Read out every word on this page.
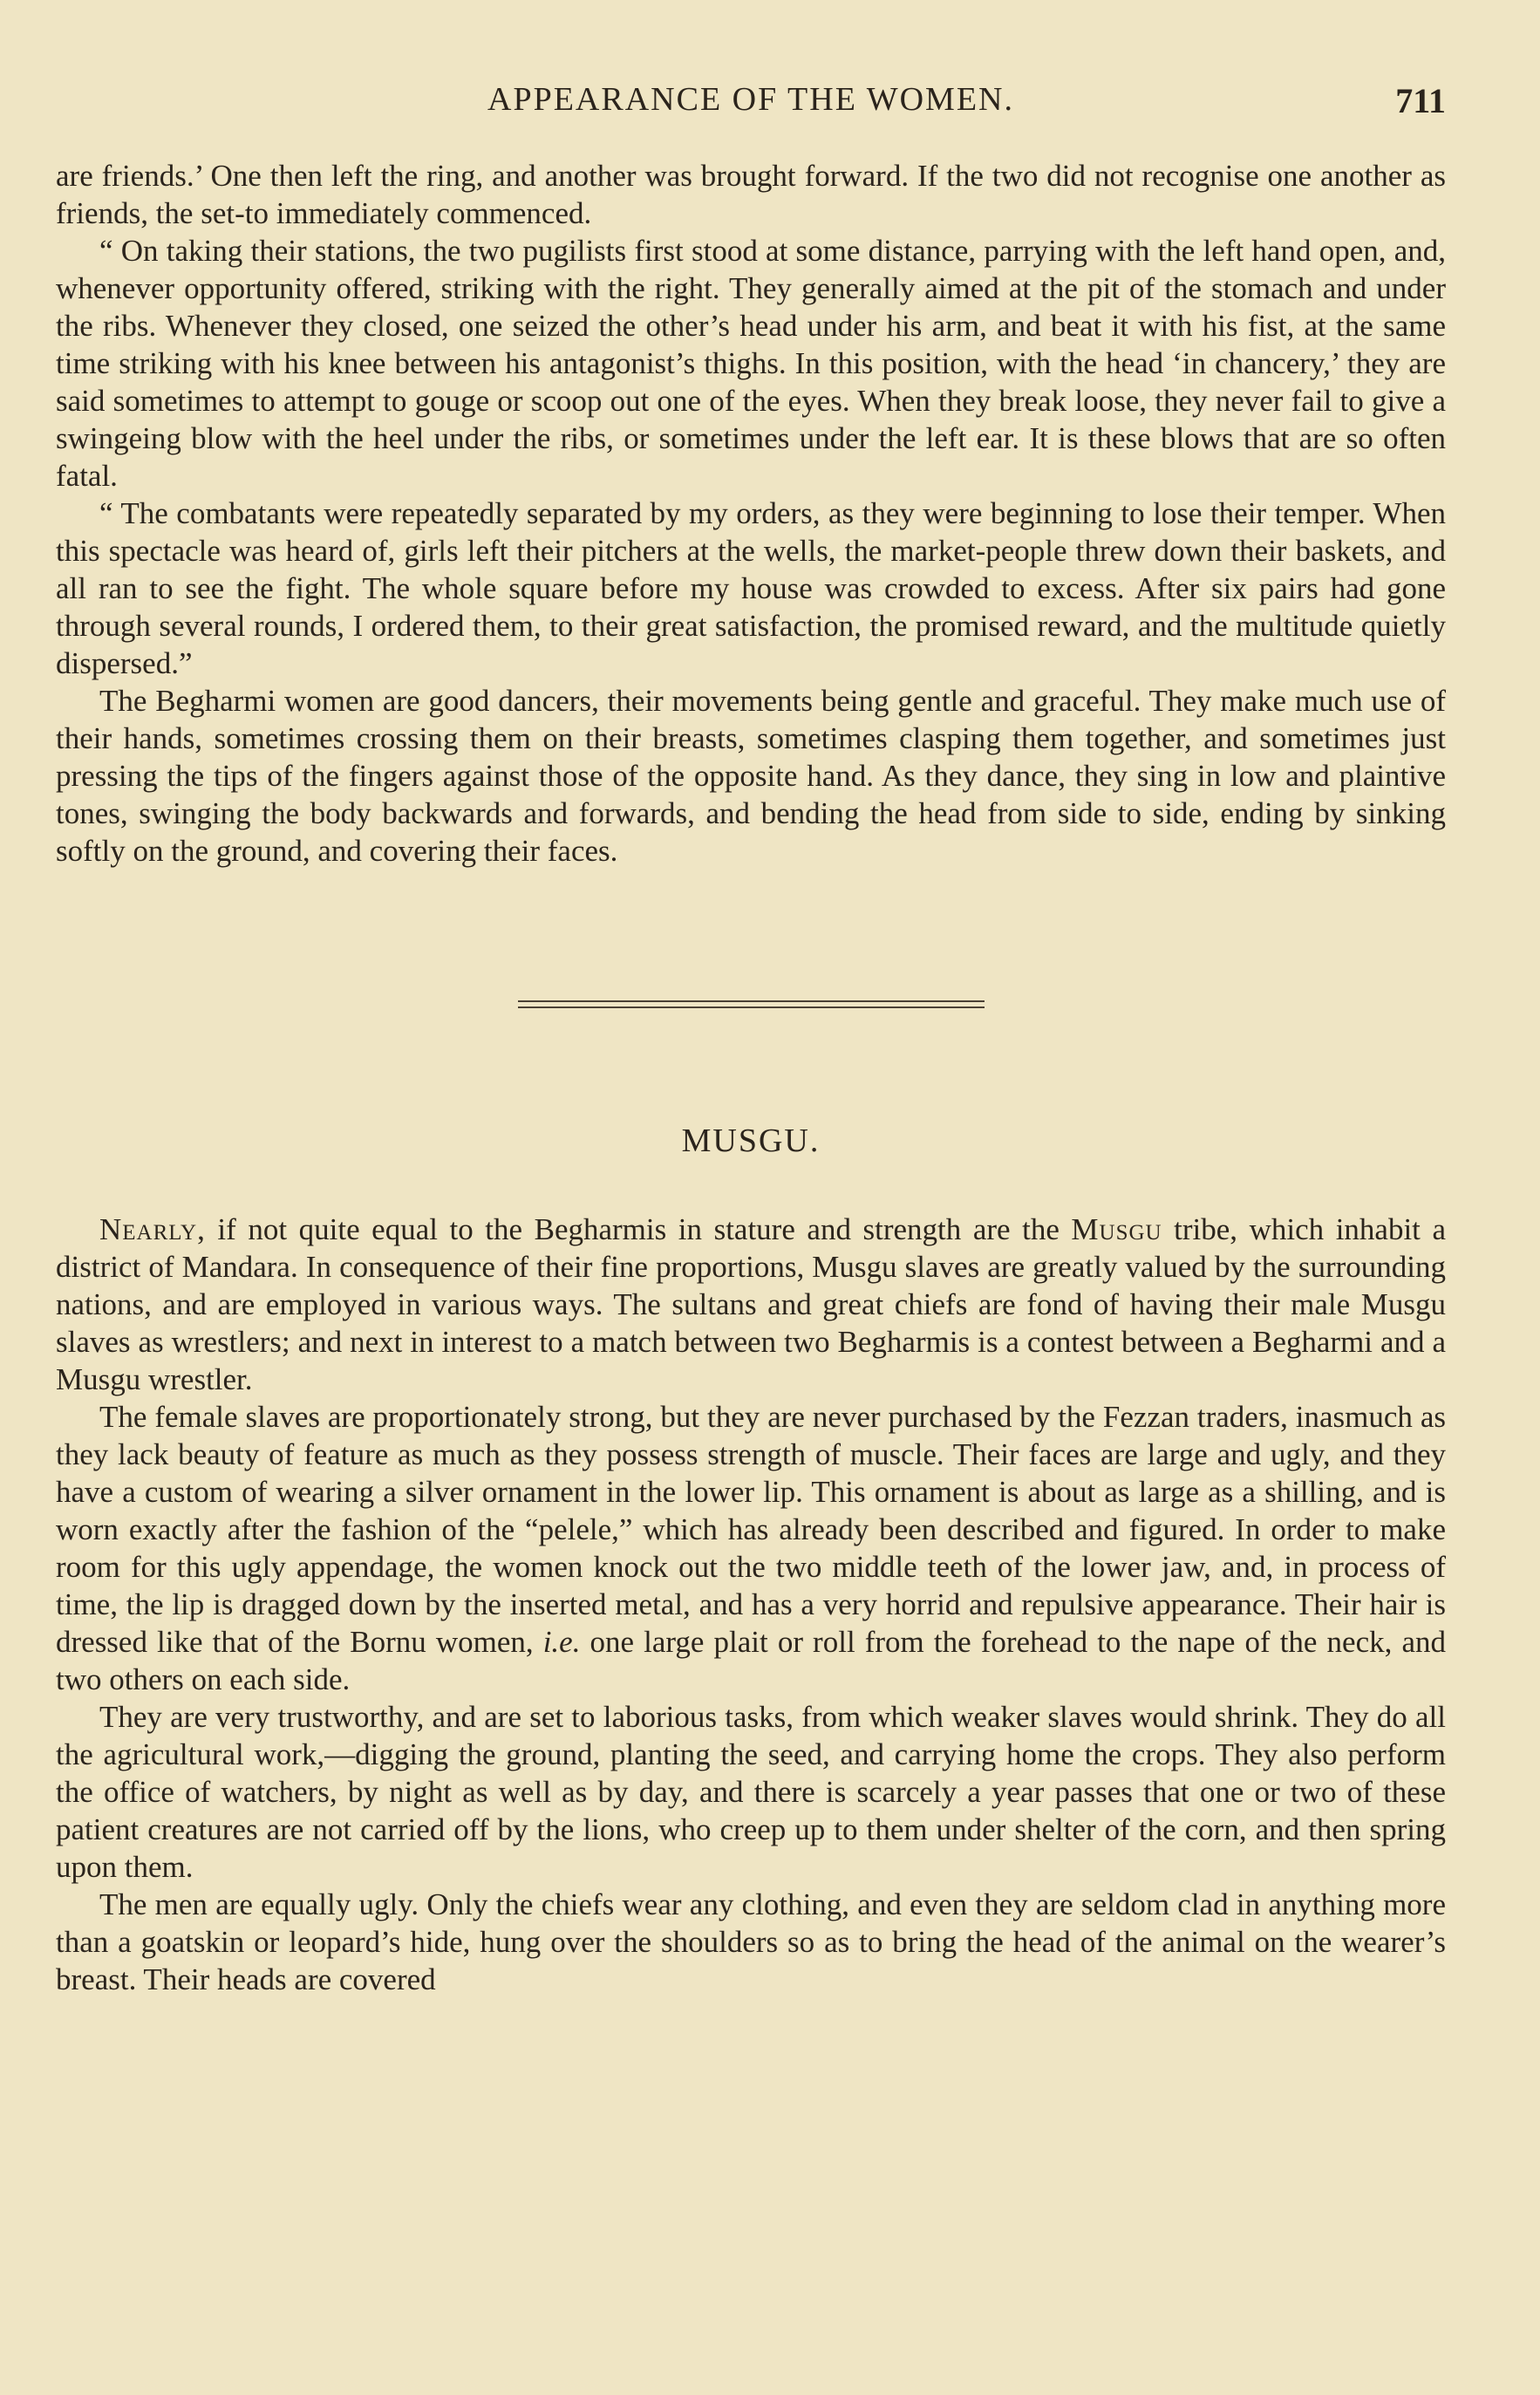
APPEARANCE OF THE WOMEN.	711

are friends.’ One then left the ring, and another was brought forward. If the two did not recognise one another as friends, the set-to immediately commenced.

“ On taking their stations, the two pugilists first stood at some distance, parrying with the left hand open, and, whenever opportunity offered, striking with the right. They generally aimed at the pit of the stomach and under the ribs. Whenever they closed, one seized the other’s head under his arm, and beat it with his fist, at the same time striking with his knee between his antagonist’s thighs. In this position, with the head ‘in chancery,’ they are said sometimes to attempt to gouge or scoop out one of the eyes. When they break loose, they never fail to give a swingeing blow with the heel under the ribs, or sometimes under the left ear. It is these blows that are so often fatal.

“ The combatants were repeatedly separated by my orders, as they were beginning to lose their temper. When this spectacle was heard of, girls left their pitchers at the wells, the market-people threw down their baskets, and all ran to see the fight. The whole square before my house was crowded to excess. After six pairs had gone through several rounds, I ordered them, to their great satisfaction, the promised reward, and the multitude quietly dispersed.”

The Begharmi women are good dancers, their movements being gentle and graceful. They make much use of their hands, sometimes crossing them on their breasts, sometimes clasping them together, and sometimes just pressing the tips of the fingers against those of the opposite hand. As they dance, they sing in low and plaintive tones, swinging the body backwards and forwards, and bending the head from side to side, ending by sinking softly on the ground, and covering their faces.

MUSGU.

Nearly, if not quite equal to the Begharmis in stature and strength are the Musgu tribe, which inhabit a district of Mandara. In consequence of their fine proportions, Musgu slaves are greatly valued by the surrounding nations, and are employed in various ways. The sultans and great chiefs are fond of having their male Musgu slaves as wrestlers; and next in interest to a match between two Begharmis is a contest between a Begharmi and a Musgu wrestler.

The female slaves are proportionately strong, but they are never purchased by the Fezzan traders, inasmuch as they lack beauty of feature as much as they possess strength of muscle. Their faces are large and ugly, and they have a custom of wearing a silver ornament in the lower lip. This ornament is about as large as a shilling, and is worn exactly after the fashion of the “pelele,” which has already been described and figured. In order to make room for this ugly appendage, the women knock out the two middle teeth of the lower jaw, and, in process of time, the lip is dragged down by the inserted metal, and has a very horrid and repulsive appearance. Their hair is dressed like that of the Bornu women, i.e. one large plait or roll from the forehead to the nape of the neck, and two others on each side.

They are very trustworthy, and are set to laborious tasks, from which weaker slaves would shrink. They do all the agricultural work,—digging the ground, planting the seed, and carrying home the crops. They also perform the office of watchers, by night as well as by day, and there is scarcely a year passes that one or two of these patient creatures are not carried off by the lions, who creep up to them under shelter of the corn, and then spring upon them.

The men are equally ugly. Only the chiefs wear any clothing, and even they are seldom clad in anything more than a goatskin or leopard’s hide, hung over the shoulders so as to bring the head of the animal on the wearer’s breast. Their heads are covered
